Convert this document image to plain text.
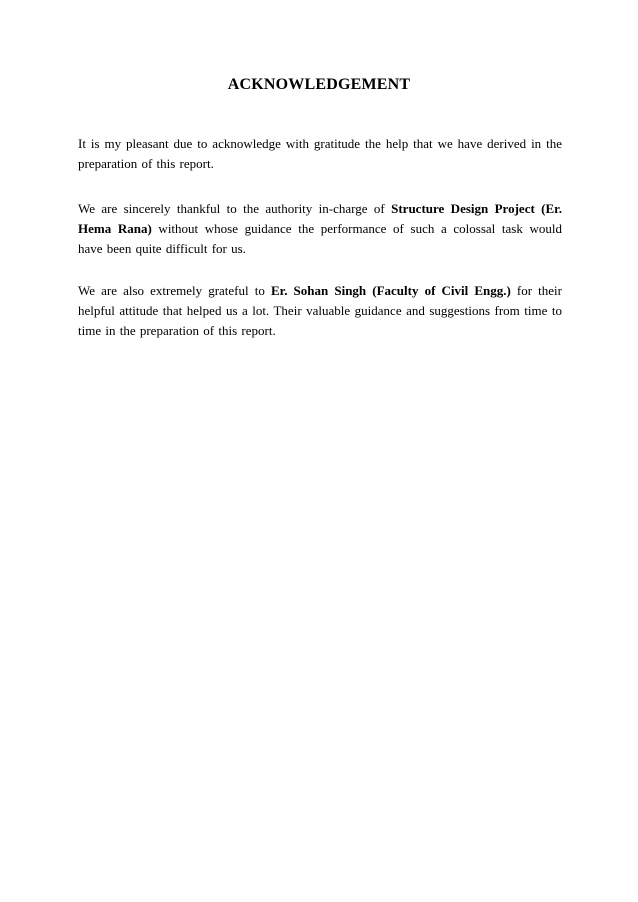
ACKNOWLEDGEMENT

It is my pleasant due to acknowledge with gratitude the help that we have derived in the preparation of this report.

We are sincerely thankful to the authority in-charge of Structure Design Project (Er. Hema Rana) without whose guidance the performance of such a colossal task would have been quite difficult for us.

We are also extremely grateful to Er. Sohan Singh (Faculty of Civil Engg.) for their helpful attitude that helped us a lot. Their valuable guidance and suggestions from time to time in the preparation of this report.
